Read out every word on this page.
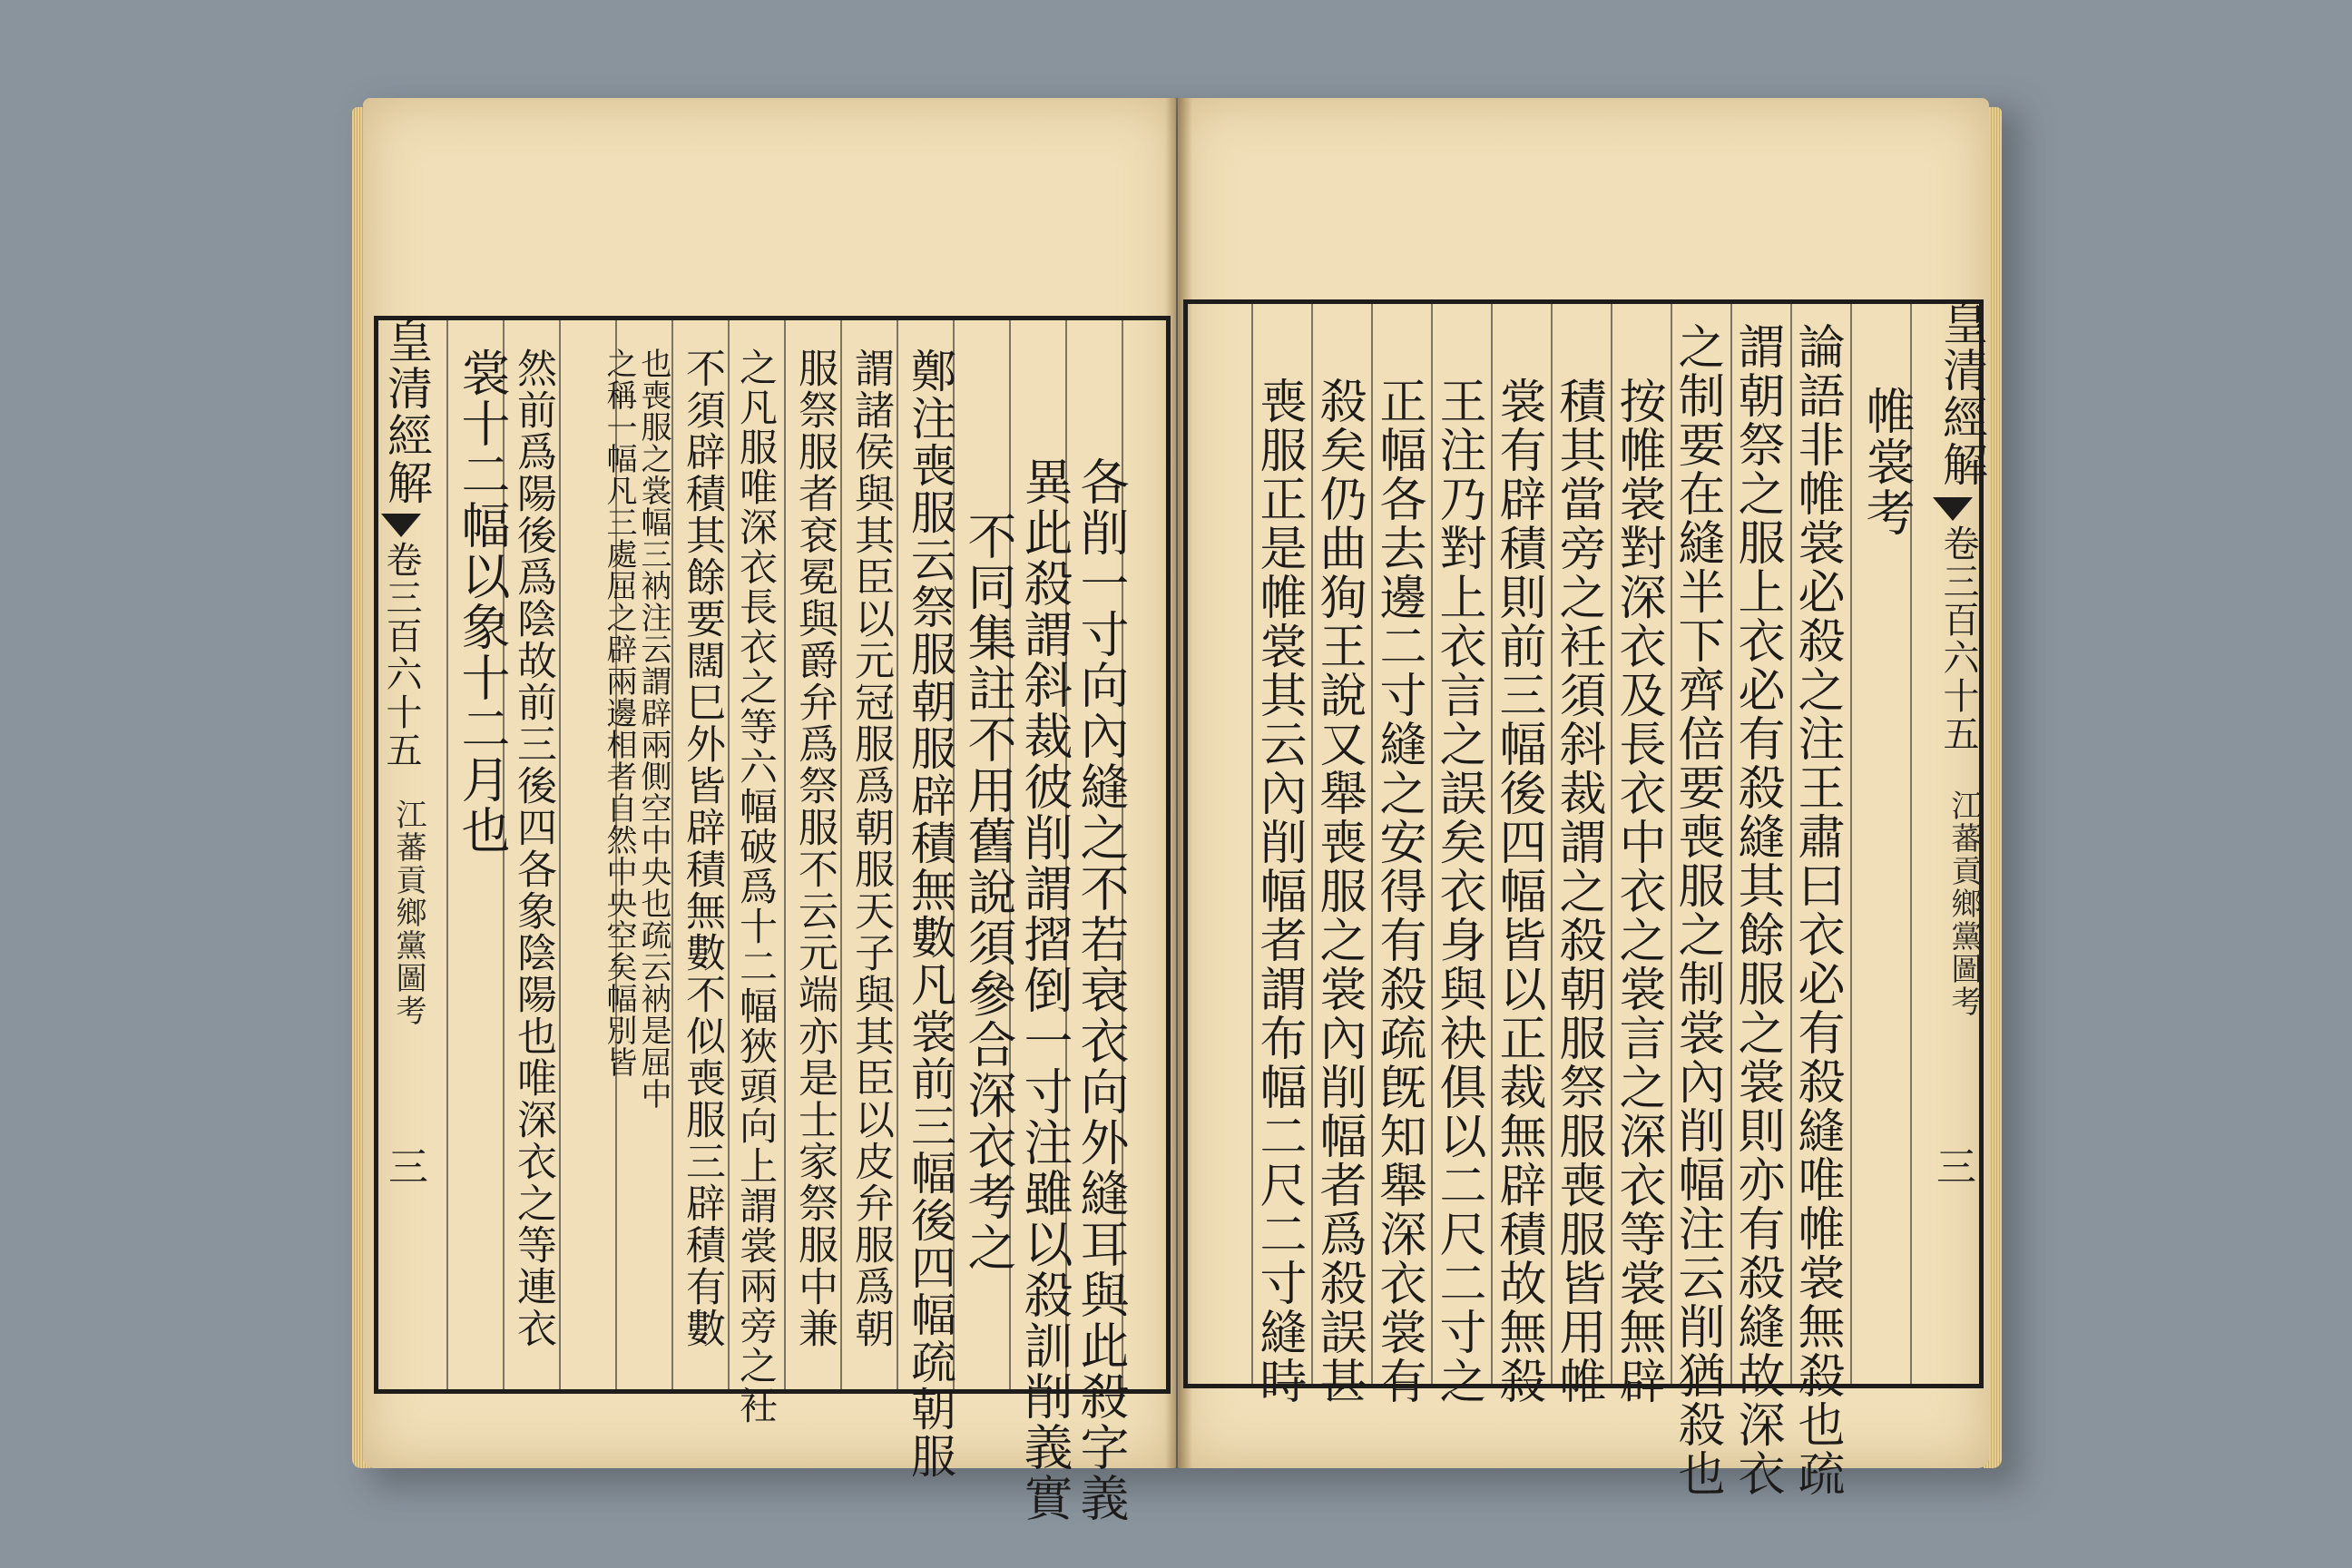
皇清經解
卷三百六十五
江蕃貢鄉黨圖考
三	各削一寸向內縫之不若衰衣向外縫耳與此殺字義
異此殺謂斜裁彼削謂摺倒一寸注雖以殺訓削義實
不同集註不用舊說須參合深衣考之
鄭注喪服云祭服朝服辟積無數凡裳前三幅後四幅疏朝服
謂諸侯與其臣以元冠服爲朝服天子與其臣以皮弁服爲朝
服祭服者袞冕與爵弁爲祭服不云元端亦是士家祭服中兼
之凡服唯深衣長衣之等六幅破爲十二幅狹頭向上謂裳兩旁之衽
不須辟積其餘要闊巳外皆辟積無數不似喪服三辟積有數
也喪服之裳幅三衲注云謂辟兩側空中央也疏云衲是屈中
之稱一幅凡三處屈之辟兩邊相者自然中央空矣幅別皆
然前爲陽後爲陰故前三後四各象陰陽也唯深衣之等連衣
裳十二幅以象十二月也	帷裳考
論語非帷裳必殺之注王肅曰衣必有殺縫唯帷裳無殺也疏
謂朝祭之服上衣必有殺縫其餘服之裳則亦有殺縫故深衣
之制要在縫半下齊倍要喪服之制裳內削幅注云削猶殺也
按帷裳對深衣及長衣中衣之裳言之深衣等裳無辟
積其當旁之衽須斜裁謂之殺朝服祭服喪服皆用帷
裳有辟積則前三幅後四幅皆以正裁無辟積故無殺
王注乃對上衣言之誤矣衣身與袂俱以二尺二寸之
正幅各去邊二寸縫之安得有殺疏旣知舉深衣裳有
殺矣仍曲狥王說又舉喪服之裳內削幅者爲殺誤甚
喪服正是帷裳其云內削幅者謂布幅二尺二寸縫時	皇清經解
卷三百六十五
江蕃貢鄉黨圖考
三
